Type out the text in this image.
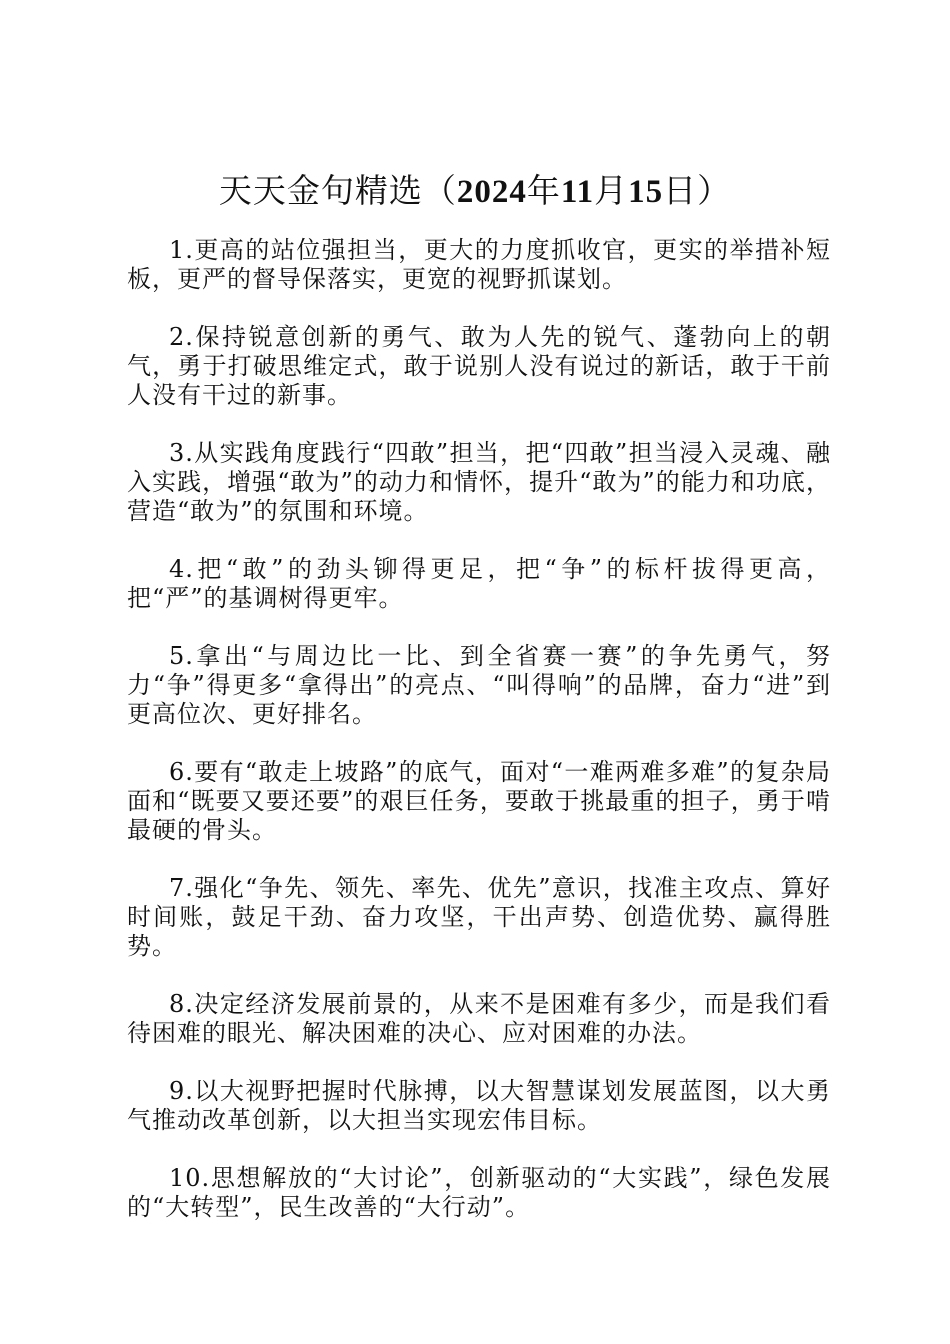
天天金句精选（2024年11月15日）

1.更高的站位强担当，更大的力度抓收官，更实的举措补短板，更严的督导保落实，更宽的视野抓谋划。

2.保持锐意创新的勇气、敢为人先的锐气、蓬勃向上的朝气，勇于打破思维定式，敢于说别人没有说过的新话，敢于干前人没有干过的新事。

3.从实践角度践行“四敢”担当，把“四敢”担当浸入灵魂、融入实践，增强“敢为”的动力和情怀，提升“敢为”的能力和功底，营造“敢为”的氛围和环境。

4.把“敢”的劲头铆得更足，把“争”的标杆拔得更高，把“严”的基调树得更牢。

5.拿出“与周边比一比、到全省赛一赛”的争先勇气，努力“争”得更多“拿得出”的亮点、“叫得响”的品牌，奋力“进”到更高位次、更好排名。

6.要有“敢走上坡路”的底气，面对“一难两难多难”的复杂局面和“既要又要还要”的艰巨任务，要敢于挑最重的担子，勇于啃最硬的骨头。

7.强化“争先、领先、率先、优先”意识，找准主攻点、算好时间账，鼓足干劲、奋力攻坚，干出声势、创造优势、赢得胜势。

8.决定经济发展前景的，从来不是困难有多少，而是我们看待困难的眼光、解决困难的决心、应对困难的办法。

9.以大视野把握时代脉搏，以大智慧谋划发展蓝图，以大勇气推动改革创新，以大担当实现宏伟目标。

10.思想解放的“大讨论”，创新驱动的“大实践”，绿色发展的“大转型”，民生改善的“大行动”。
